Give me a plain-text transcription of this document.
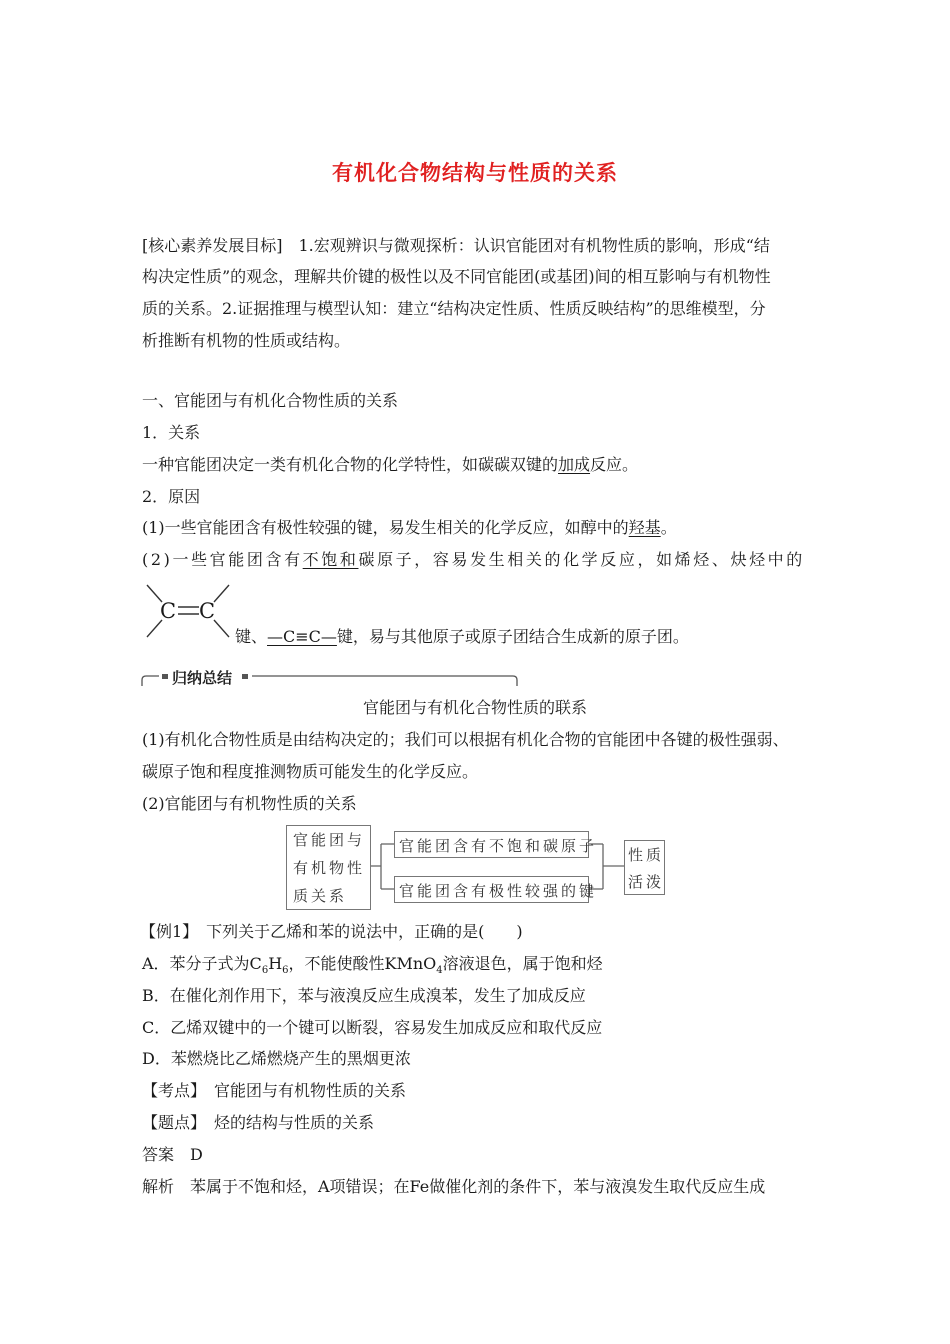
有机化合物结构与性质的关系
[核心素养发展目标]　1.宏观辨识与微观探析：认识官能团对有机物性质的影响，形成“结
构决定性质”的观念，理解共价键的极性以及不同官能团(或基团)间的相互影响与有机物性
质的关系。2.证据推理与模型认知：建立“结构决定性质、性质反映结构”的思维模型，分
析推断有机物的性质或结构。
一、官能团与有机化合物性质的关系
1．关系
一种官能团决定一类有机化合物的化学特性，如碳碳双键的加成反应。
2．原因
(1)一些官能团含有极性较强的键，易发生相关的化学反应，如醇中的羟基。
(2)一些官能团含有不饱和碳原子，容易发生相关的化学反应，如烯烃、炔烃中的
C C
键、—C≡C—键，易与其他原子或原子团结合生成新的原子团。
归纳总结
官能团与有机化合物性质的联系
(1)有机化合物性质是由结构决定的；我们可以根据有机化合物的官能团中各键的极性强弱、
碳原子饱和程度推测物质可能发生的化学反应。
(2)官能团与有机物性质的关系
官能团与
有机物性
质关系
官能团含有不饱和碳原子
官能团含有极性较强的键
性质
活泼
【例1】　下列关于乙烯和苯的说法中，正确的是(　　)
A．苯分子式为$C_6H_6$，不能使酸性KMnO$_4$溶液退色，属于饱和烃
B．在催化剂作用下，苯与液溴反应生成溴苯，发生了加成反应
C．乙烯双键中的一个键可以断裂，容易发生加成反应和取代反应
D．苯燃烧比乙烯燃烧产生的黑烟更浓
【考点】　官能团与有机物性质的关系
【题点】　烃的结构与性质的关系
答案　D
解析　苯属于不饱和烃，A项错误；在Fe做催化剂的条件下，苯与液溴发生取代反应生成
